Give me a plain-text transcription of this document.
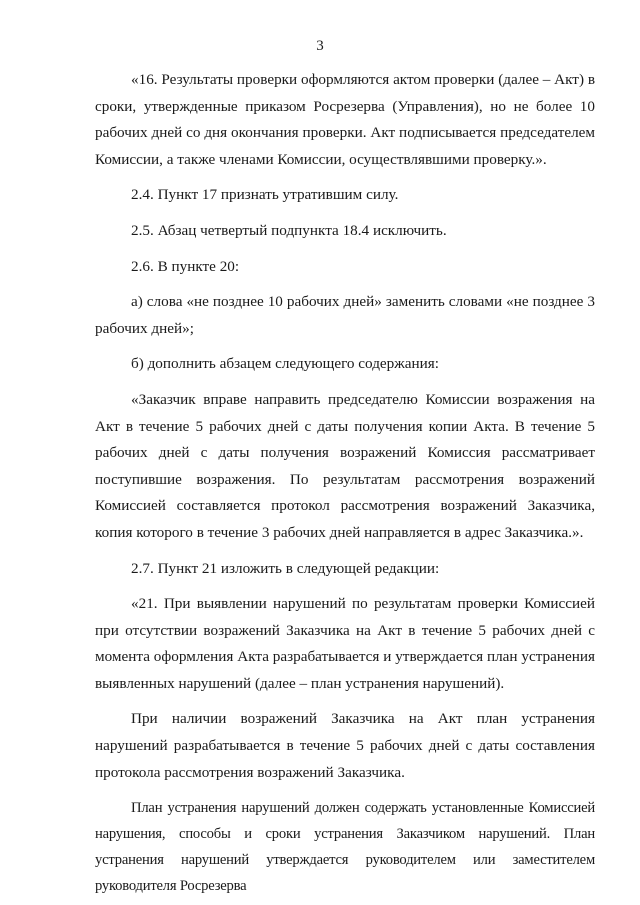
3

«16. Результаты проверки оформляются актом проверки (далее – Акт) в сроки, утвержденные приказом Росрезерва (Управления), но не более 10 рабочих дней со дня окончания проверки. Акт подписывается председателем Комиссии, а также членами Комиссии, осуществлявшими проверку.».

2.4. Пункт 17 признать утратившим силу.

2.5. Абзац четвертый подпункта 18.4 исключить.

2.6. В пункте 20:

а) слова «не позднее 10 рабочих дней» заменить словами «не позднее 3 рабочих дней»;

б) дополнить абзацем следующего содержания:

«Заказчик вправе направить председателю Комиссии возражения на Акт в течение 5 рабочих дней с даты получения копии Акта. В течение 5 рабочих дней с даты получения возражений Комиссия рассматривает поступившие возражения. По результатам рассмотрения возражений Комиссией составляется протокол рассмотрения возражений Заказчика, копия которого в течение 3 рабочих дней направляется в адрес Заказчика.».

2.7. Пункт 21 изложить в следующей редакции:

«21. При выявлении нарушений по результатам проверки Комиссией при отсутствии возражений Заказчика на Акт в течение 5 рабочих дней с момента оформления Акта разрабатывается и утверждается план устранения выявленных нарушений (далее – план устранения нарушений).

При наличии возражений Заказчика на Акт план устранения нарушений разрабатывается в течение 5 рабочих дней с даты составления протокола рассмотрения возражений Заказчика.

План устранения нарушений должен содержать установленные Комиссией нарушения, способы и сроки устранения Заказчиком нарушений. План устранения нарушений утверждается руководителем или заместителем руководителя Росрезерва
